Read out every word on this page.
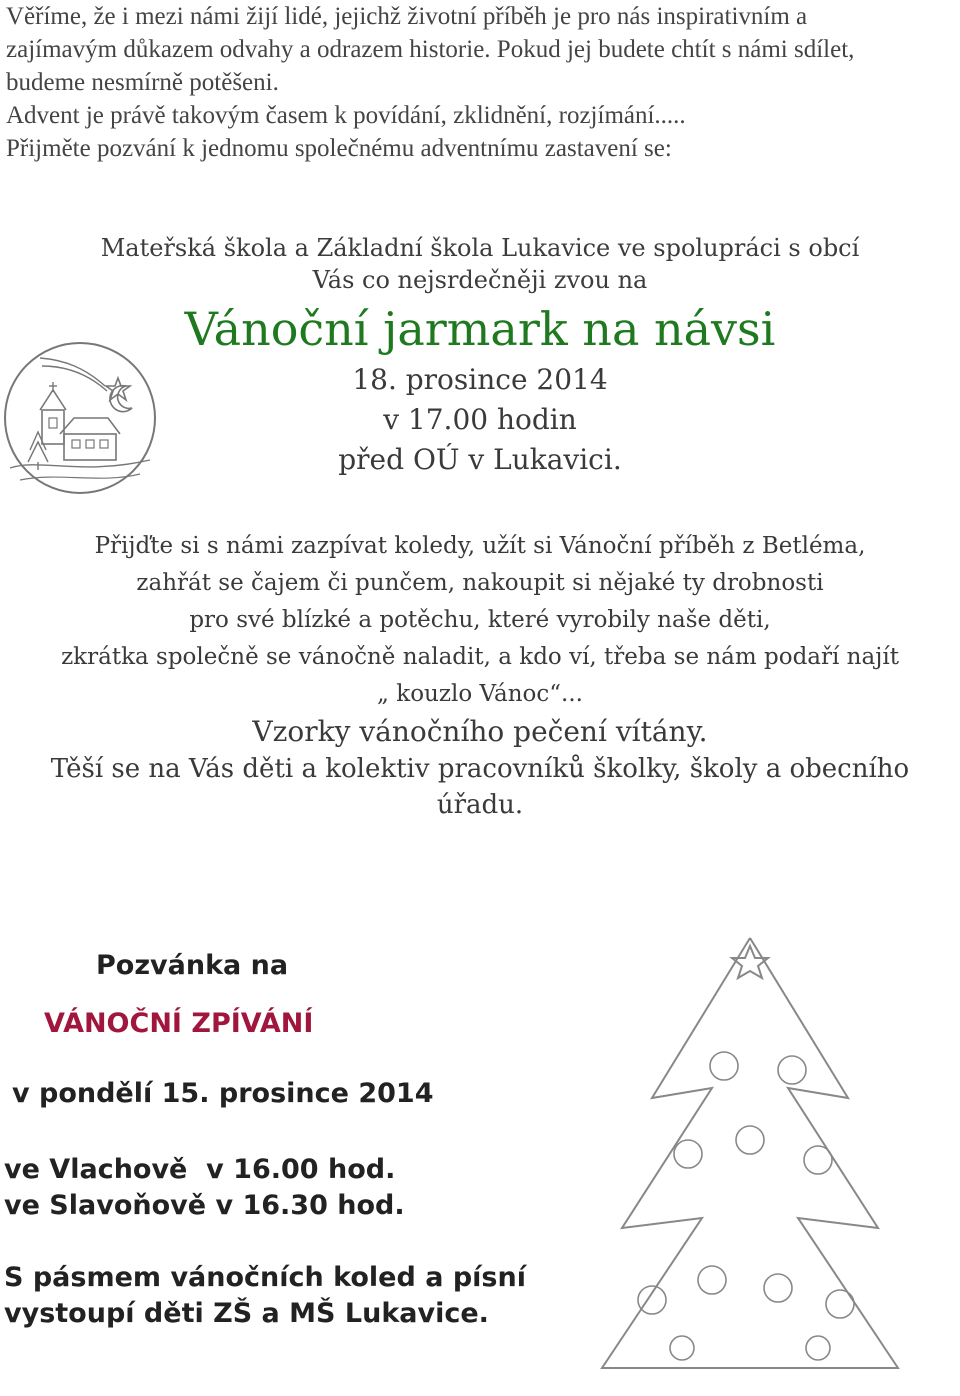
Věříme, že i mezi námi žijí lidé, jejichž životní příběh je pro nás inspirativním a

zajímavým důkazem odvahy a odrazem historie. Pokud jej budete chtít s námi sdílet,

budeme nesmírně potěšeni.

Advent je právě takovým časem k povídání, zklidnění, rozjímání.....

Přijměte pozvání k jednomu společnému adventnímu zastavení se:

Mateřská škola a Základní škola Lukavice ve spolupráci s obcí
Vás co nejsrdečněji zvou na
Vánoční jarmark na návsi
18. prosince 2014
v 17.00 hodin
před OÚ v Lukavici.
Přijďte si s námi zazpívat koledy, užít si Vánoční příběh z Betléma,
zahřát se čajem či punčem, nakoupit si nějaké ty drobnosti
pro své blízké a potěchu, které vyrobily naše děti,
zkrátka společně se vánočně naladit, a kdo ví, třeba se nám podaří najít
„ kouzlo Vánoc“...
Vzorky vánočního pečení vítány.
Těší se na Vás děti a kolektiv pracovníků školky, školy a obecního
úřadu.
Pozvánka na
VÁNOČNÍ ZPÍVÁNÍ
v pondělí 15. prosince 2014
ve Vlachově  v 16.00 hod.
ve Slavoňově v 16.30 hod.
S pásmem vánočních koled a písní
vystoupí děti ZŠ a MŠ Lukavice.
